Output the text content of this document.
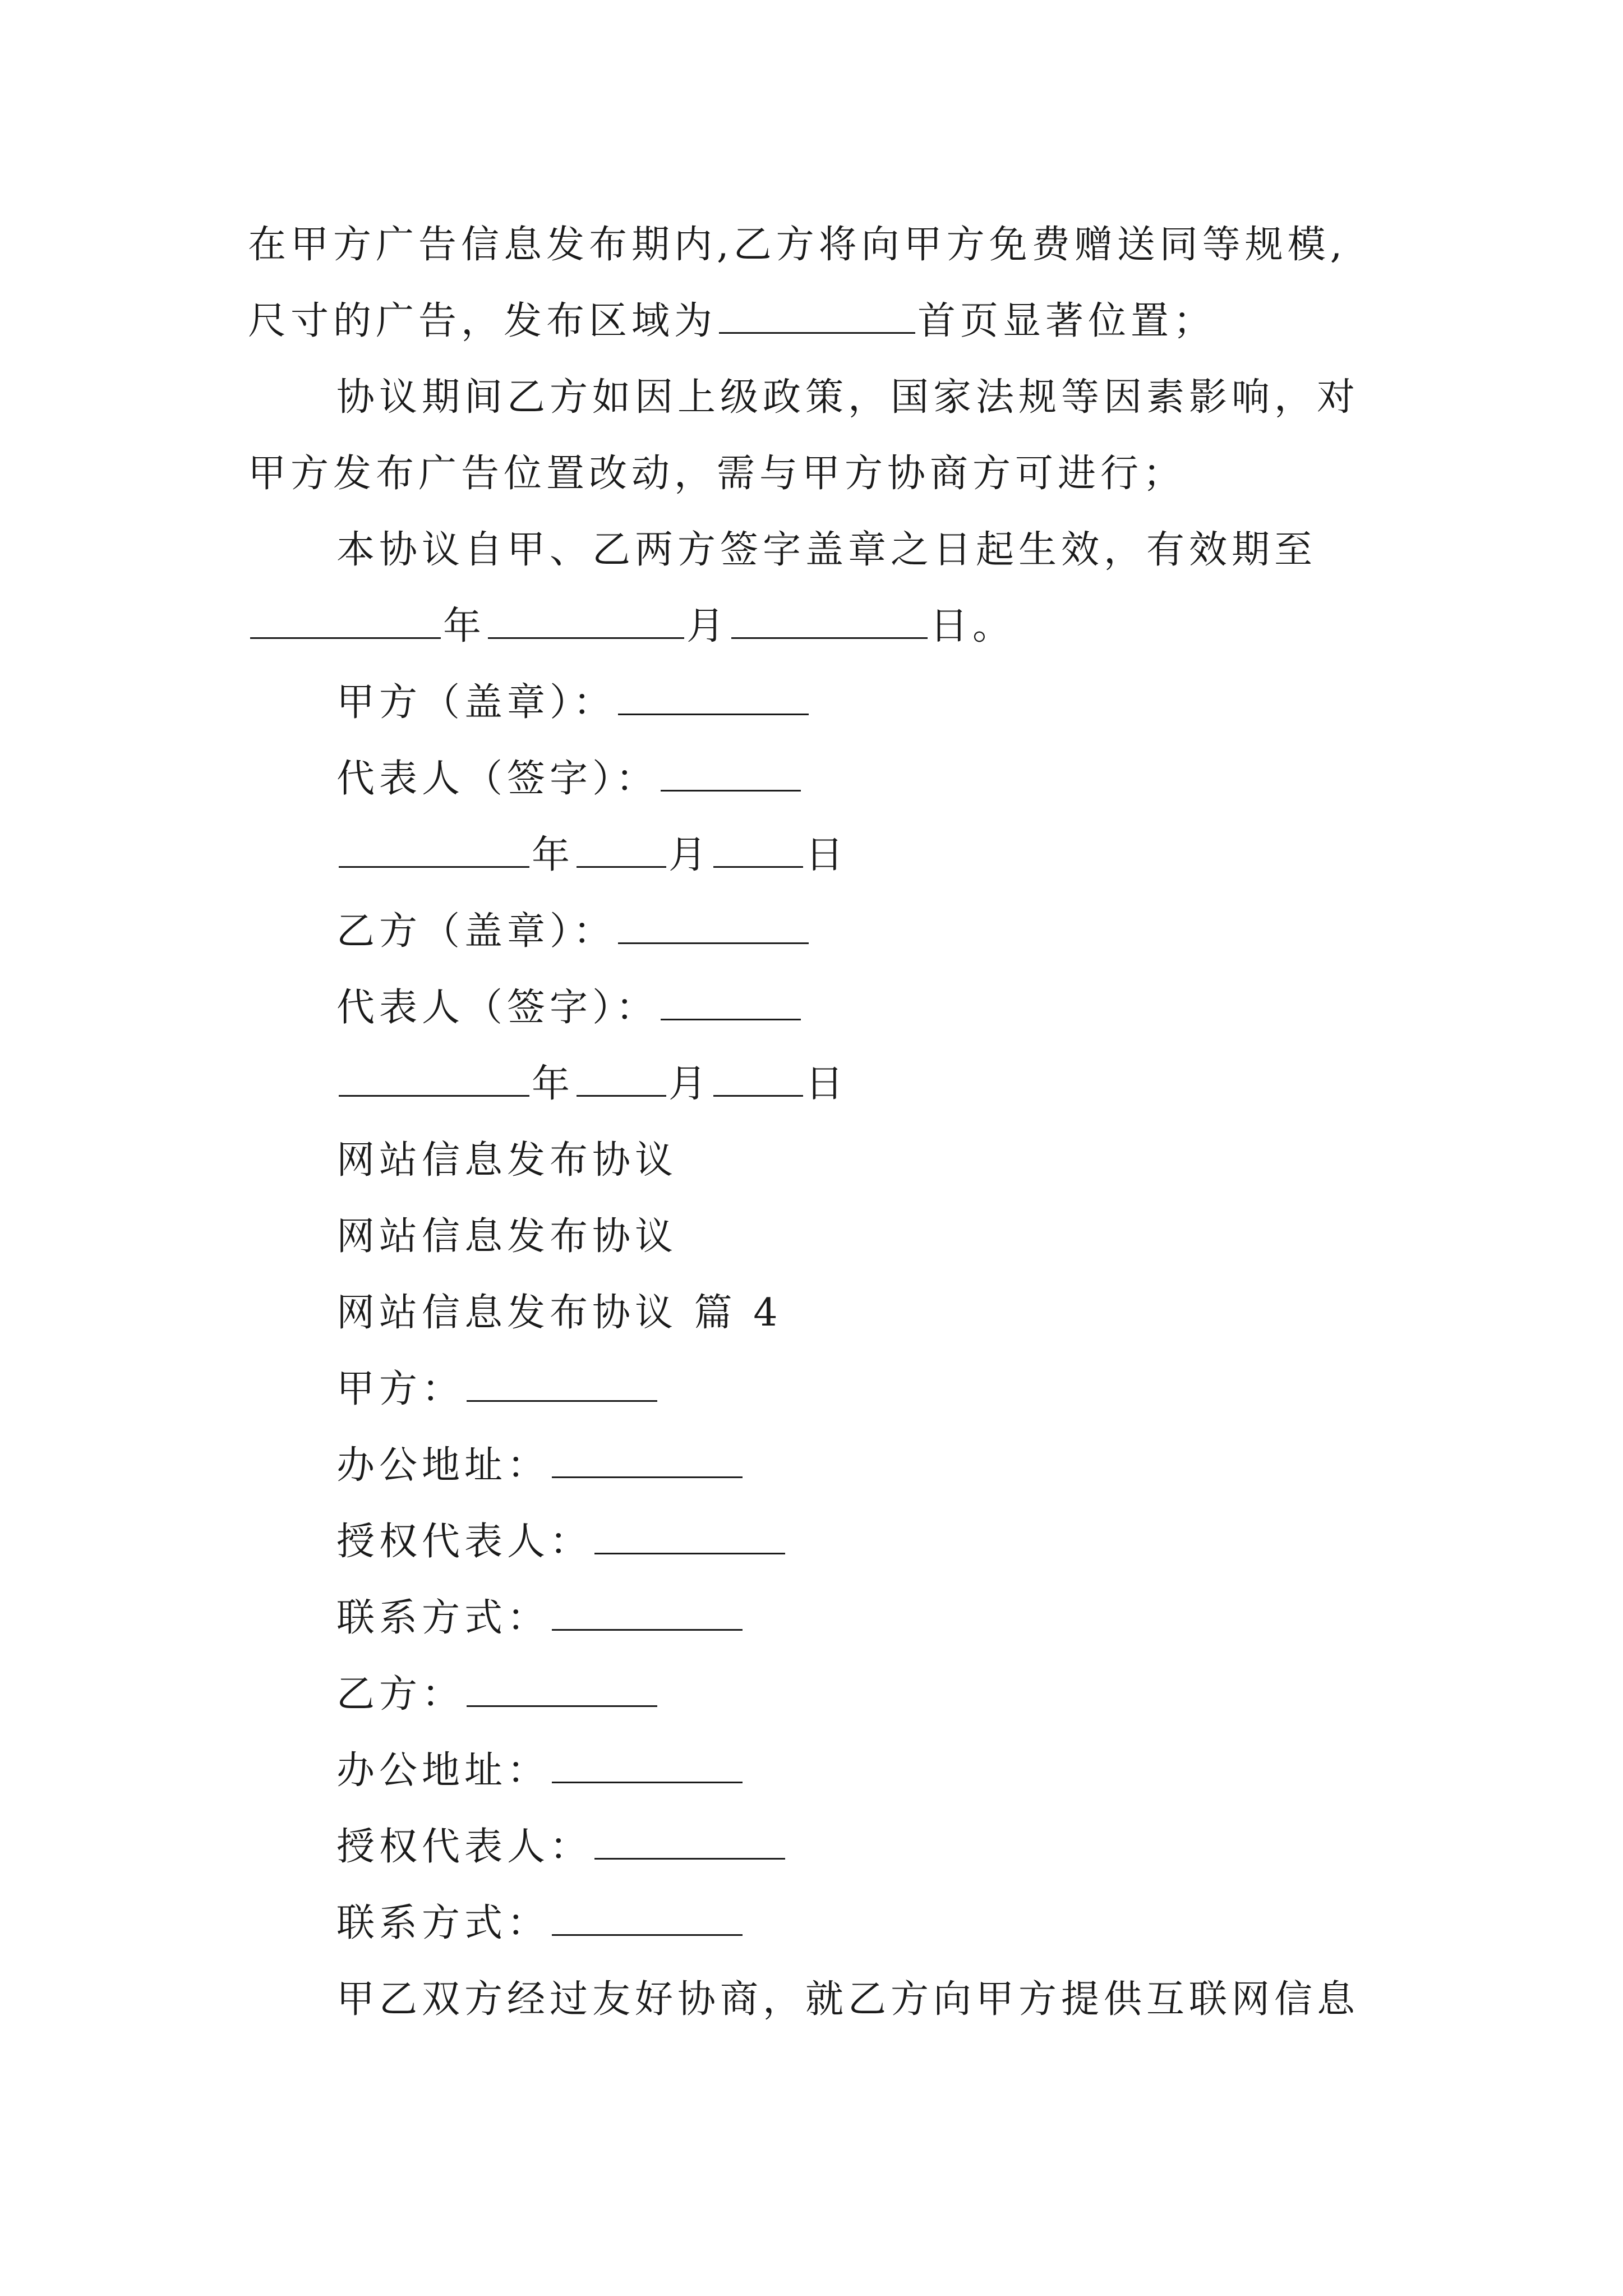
在甲方广告信息发布期内,乙方将向甲方免费赠送同等规模,
尺寸的广告，发布区域为	首页显著位置；
协议期间乙方如因上级政策，国家法规等因素影响，对
甲方发布广告位置改动，需与甲方协商方可进行；
本协议自甲、乙两方签字盖章之日起生效，有效期至
年	月	日。
甲方（盖章）：
代表人（签字）：
年 月 日
乙方（盖章）：
代表人（签字）：
年 月 日
网站信息发布协议
网站信息发布协议
网站信息发布协议 篇 4
甲方：
办公地址：
授权代表人：
联系方式：
乙方：
办公地址：
授权代表人：
联系方式：
甲乙双方经过友好协商，就乙方向甲方提供互联网信息
